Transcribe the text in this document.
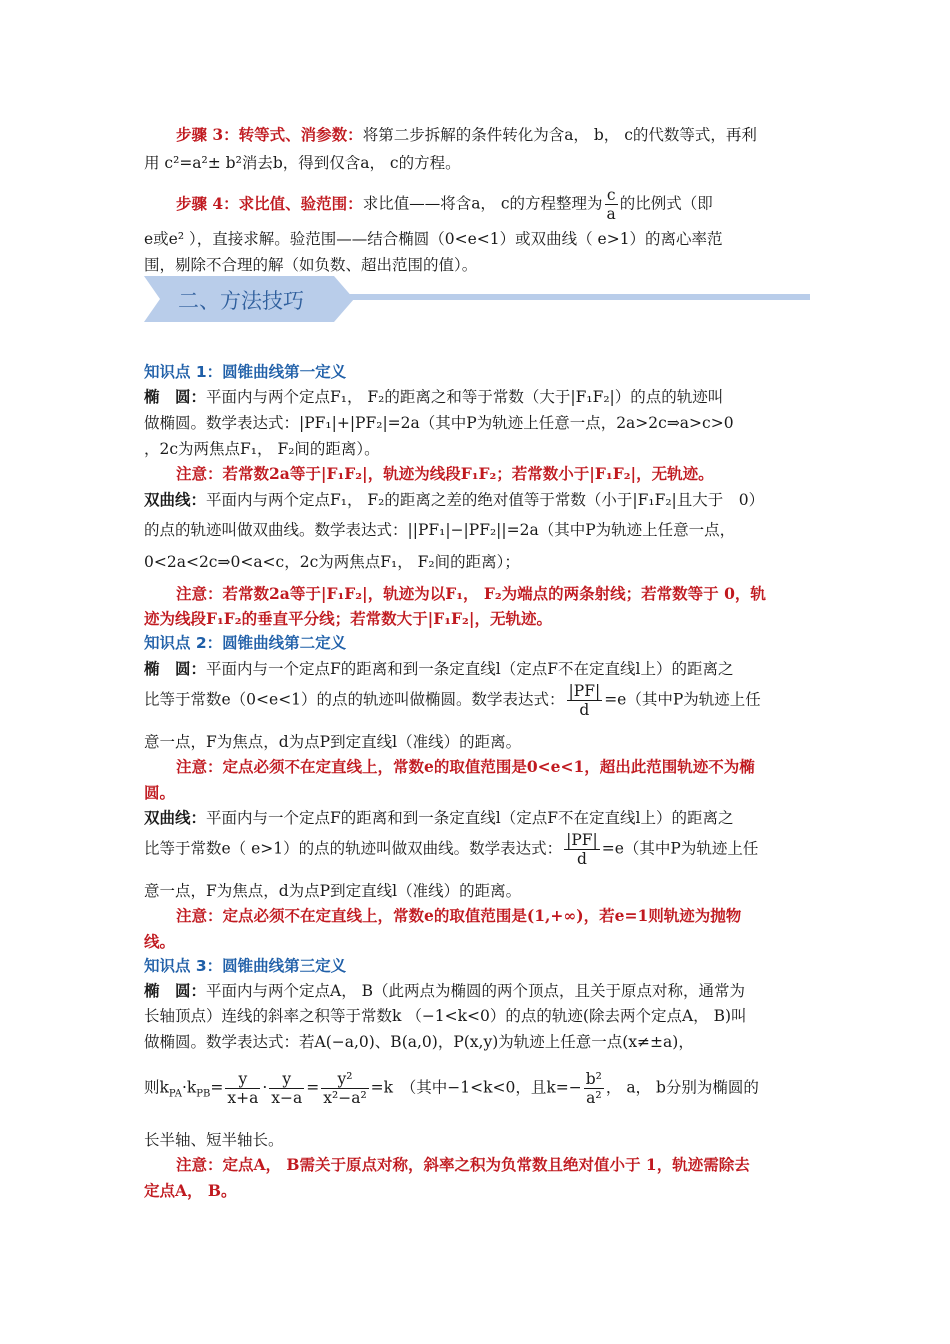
步骤 3：转等式、消参数：将第二步拆解的条件转化为含a， b， c的代数等式，再利
用 c²=a²± b²消去b，得到仅含a， c的方程。
步骤 4：求比值、验范围：求比值——将含a， c的方程整理为 $\frac{c}{a}$ 的比例式（即
e或e² ），直接求解。验范围——结合椭圆（0<e<1）或双曲线（ e>1）的离心率范
围，剔除不合理的解（如负数、超出范围的值）。
二、方法技巧
知识点 1：圆锥曲线第一定义
椭　圆：平面内与两个定点F₁， F₂的距离之和等于常数（大于|F₁F₂|）的点的轨迹叫
做椭圆。数学表达式：|PF₁|+|PF₂|=2a（其中P为轨迹上任意一点，2a>2c⇒a>c>0
，2c为两焦点F₁， F₂间的距离）。
注意：若常数2a等于|F₁F₂|，轨迹为线段F₁F₂；若常数小于|F₁F₂|，无轨迹。
双曲线：平面内与两个定点F₁， F₂的距离之差的绝对值等于常数（小于|F₁F₂|且大于　0）
的点的轨迹叫做双曲线。数学表达式：||PF₁|−|PF₂||=2a（其中P为轨迹上任意一点，
0<2a<2c⇒0<a<c，2c为两焦点F₁， F₂间的距离）；
注意：若常数2a等于|F₁F₂|，轨迹为以F₁， F₂为端点的两条射线；若常数等于 0，轨
迹为线段F₁F₂的垂直平分线；若常数大于|F₁F₂|，无轨迹。
知识点 2：圆锥曲线第二定义
椭　圆：平面内与一个定点F的距离和到一条定直线l（定点F不在定直线l上）的距离之
比等于常数e（0<e<1）的点的轨迹叫做椭圆。数学表达式： $\frac{|PF|}{d} =e$（其中P为轨迹上任
意一点，F为焦点，d为点P到定直线l（准线）的距离。
注意：定点必须不在定直线上，常数e的取值范围是0<e<1，超出此范围轨迹不为椭
圆。
双曲线：平面内与一个定点F的距离和到一条定直线l（定点F不在定直线l上）的距离之
比等于常数e（ e>1）的点的轨迹叫做双曲线。数学表达式： $\frac{|PF|}{d} =e$（其中P为轨迹上任
意一点，F为焦点，d为点P到定直线l（准线）的距离。
注意：定点必须不在定直线上，常数e的取值范围是(1,+∞)，若e=1则轨迹为抛物
线。
知识点 3：圆锥曲线第三定义
椭　圆：平面内与两个定点A， B（此两点为椭圆的两个顶点，且关于原点对称，通常为
长轴顶点）连线的斜率之积等于常数k （−1<k<0）的点的轨迹(除去两个定点A， B)叫
做椭圆。数学表达式：若A(−a,0)、B(a,0)，P(x,y)为轨迹上任意一点(x≠±a)，
则$k_{PA}\cdot k_{PB}= \frac{y}{x+a} \cdot \frac{y}{x-a} = \frac{\text{y²}}{\text{x²−a²}} =k$　（其中−1<k<0，且$k=- \frac{\text{b²}}{\text{a²}}$ ， a， b分别为椭圆的
长半轴、短半轴长。
注意：定点A， B需关于原点对称，斜率之积为负常数且绝对值小于 1，轨迹需除去
定点A， B。
